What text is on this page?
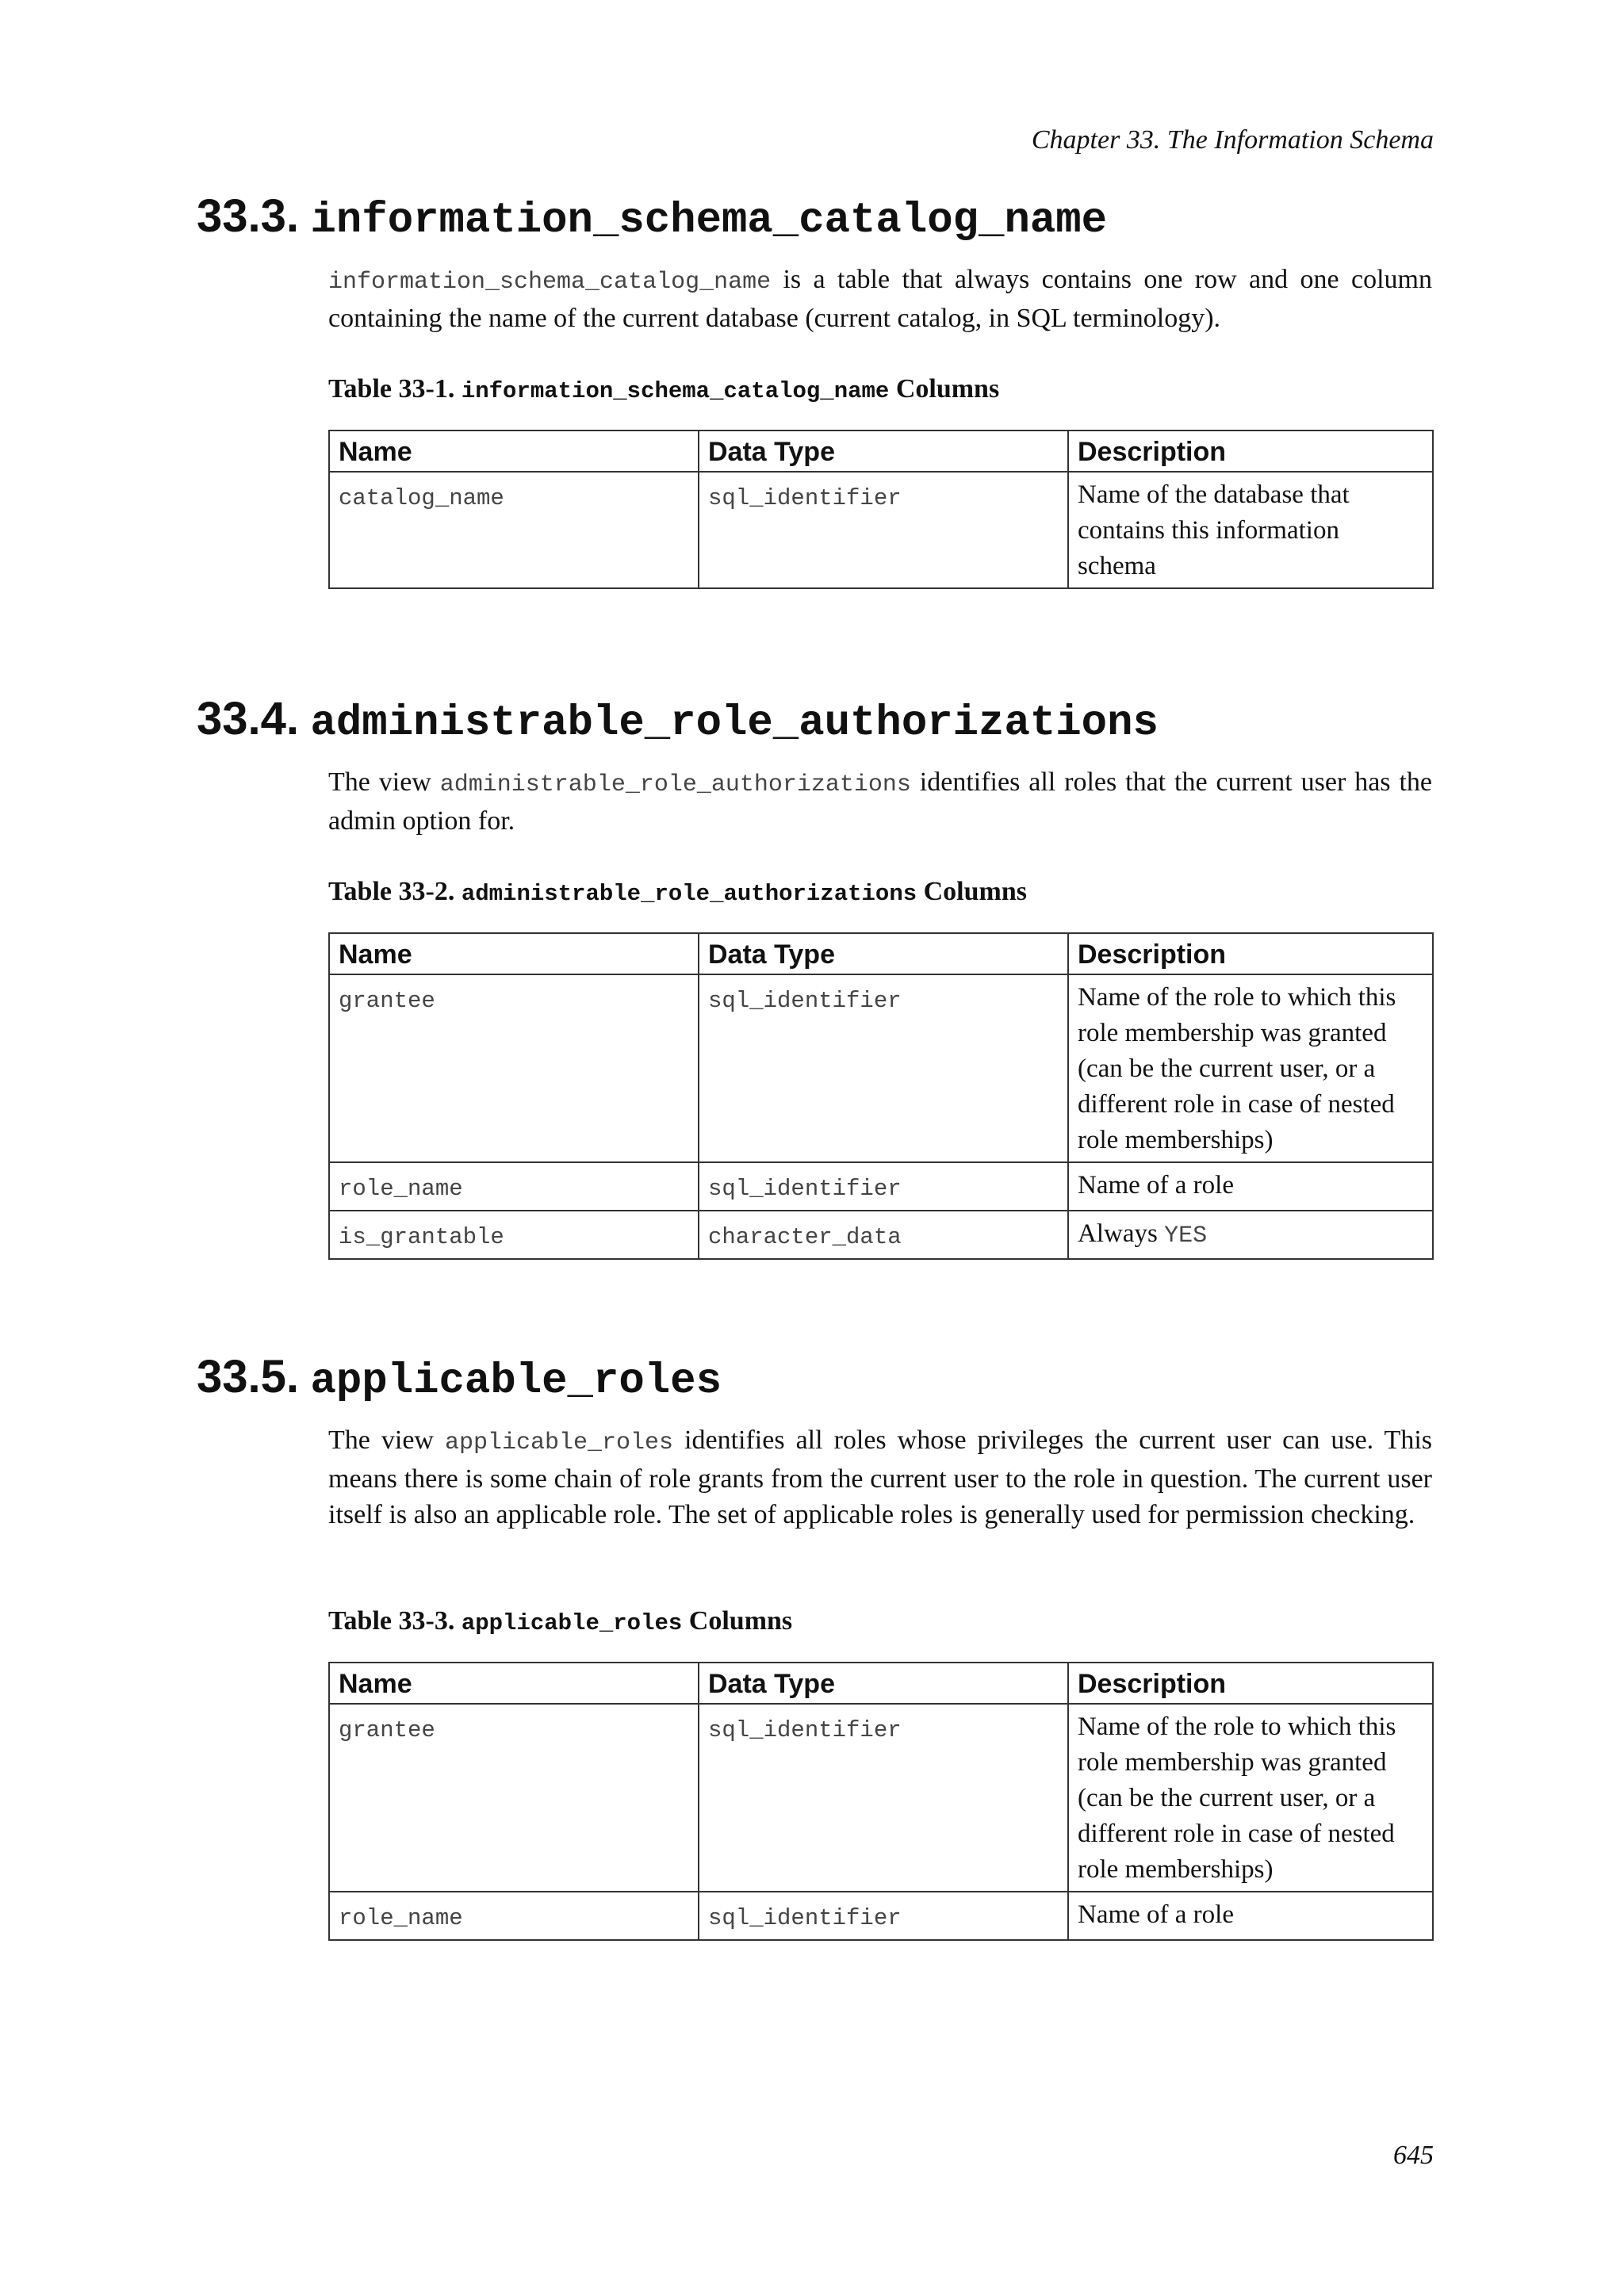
Chapter 33. The Information Schema
33.3. information_schema_catalog_name

information_schema_catalog_name is a table that always contains one row and one column containing the name of the current database (current catalog, in SQL terminology).

Table 33-1. information_schema_catalog_name Columns

Name	Data Type	Description
catalog_name	sql_identifier	Name of the database that contains this information schema
33.4. administrable_role_authorizations

The view administrable_role_authorizations identifies all roles that the current user has the admin option for.

Table 33-2. administrable_role_authorizations Columns

Name	Data Type	Description
grantee	sql_identifier	Name of the role to which this role membership was granted (can be the current user, or a different role in case of nested role memberships)
role_name	sql_identifier	Name of a role
is_grantable	character_data	Always YES
33.5. applicable_roles

The view applicable_roles identifies all roles whose privileges the current user can use. This means there is some chain of role grants from the current user to the role in question. The current user itself is also an applicable role. The set of applicable roles is generally used for permission checking.

Table 33-3. applicable_roles Columns

Name	Data Type	Description
grantee	sql_identifier	Name of the role to which this role membership was granted (can be the current user, or a different role in case of nested role memberships)
role_name	sql_identifier	Name of a role
645
